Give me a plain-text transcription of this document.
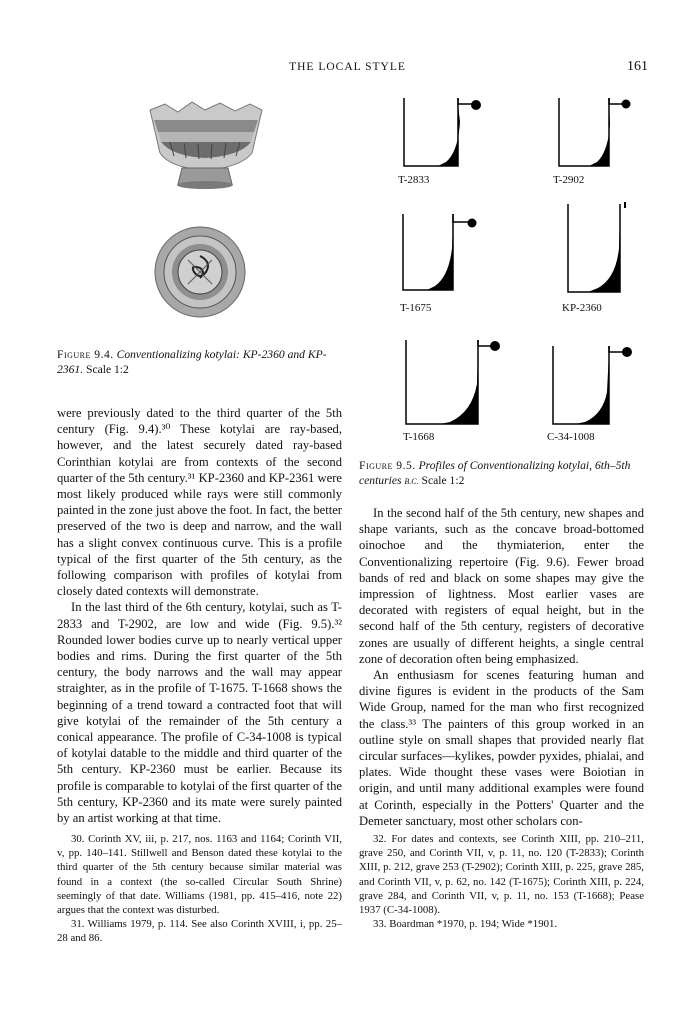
THE LOCAL STYLE	161
Figure 9.4. Conventionalizing kotylai: KP-2360 and KP-2361. Scale 1:2
T-2833	T-2902
T-1675	KP-2360
T-1668	C-34-1008
Figure 9.5. Profiles of Conventionalizing kotylai, 6th–5th centuries B.C. Scale 1:2

were previously dated to the third quarter of the 5th century (Fig. 9.4).³⁰ These kotylai are ray-based, however, and the latest securely dated ray-based Corinthian kotylai are from contexts of the second quarter of the 5th century.³¹ KP-2360 and KP-2361 were most likely produced while rays were still commonly painted in the zone just above the foot. In fact, the better preserved of the two is deep and narrow, and the wall has a slight convex continuous curve. This is a profile typical of the first quarter of the 5th century, as the following comparison with profiles of kotylai from closely dated contexts will demonstrate.

In the last third of the 6th century, kotylai, such as T-2833 and T-2902, are low and wide (Fig. 9.5).³² Rounded lower bodies curve up to nearly vertical upper bodies and rims. During the first quarter of the 5th century, the body narrows and the wall may appear straighter, as in the profile of T-1675. T-1668 shows the beginning of a trend toward a contracted foot that will give kotylai of the remainder of the 5th century a conical appearance. The profile of C-34-1008 is typical of kotylai datable to the middle and third quarter of the 5th century. KP-2360 must be earlier. Because its profile is comparable to kotylai of the first quarter of the 5th century, KP-2360 and its mate were surely painted by an artist working at that time.

In the second half of the 5th century, new shapes and shape variants, such as the concave broad-bottomed oinochoe and the thymiaterion, enter the Conventionalizing repertoire (Fig. 9.6). Fewer broad bands of red and black on some shapes may give the impression of lightness. Most earlier vases are decorated with registers of equal height, but in the second half of the 5th century, registers of decorative zones are usually of different heights, a single central zone of decoration often being emphasized.

An enthusiasm for scenes featuring human and divine figures is evident in the products of the Sam Wide Group, named for the man who first recognized the class.³³ The painters of this group worked in an outline style on small shapes that provided nearly flat circular surfaces—kylikes, powder pyxides, phialai, and plates. Wide thought these vases were Boiotian in origin, and until many additional examples were found at Corinth, especially in the Potters' Quarter and the Demeter sanctuary, most other scholars con-

30. Corinth XV, iii, p. 217, nos. 1163 and 1164; Corinth VII, v, pp. 140–141. Stillwell and Benson dated these kotylai to the third quarter of the 5th century because similar material was found in a context (the so-called Circular South Shrine) seemingly of that date. Williams (1981, pp. 415–416, note 22) argues that the context was disturbed.

31. Williams 1979, p. 114. See also Corinth XVIII, i, pp. 25–28 and 86.

32. For dates and contexts, see Corinth XIII, pp. 210–211, grave 250, and Corinth VII, v, p. 11, no. 120 (T-2833); Corinth XIII, p. 212, grave 253 (T-2902); Corinth XIII, p. 225, grave 285, and Corinth VII, v, p. 62, no. 142 (T-1675); Corinth XIII, p. 224, grave 284, and Corinth VII, v, p. 11, no. 153 (T-1668); Pease 1937 (C-34-1008).

33. Boardman *1970, p. 194; Wide *1901.
